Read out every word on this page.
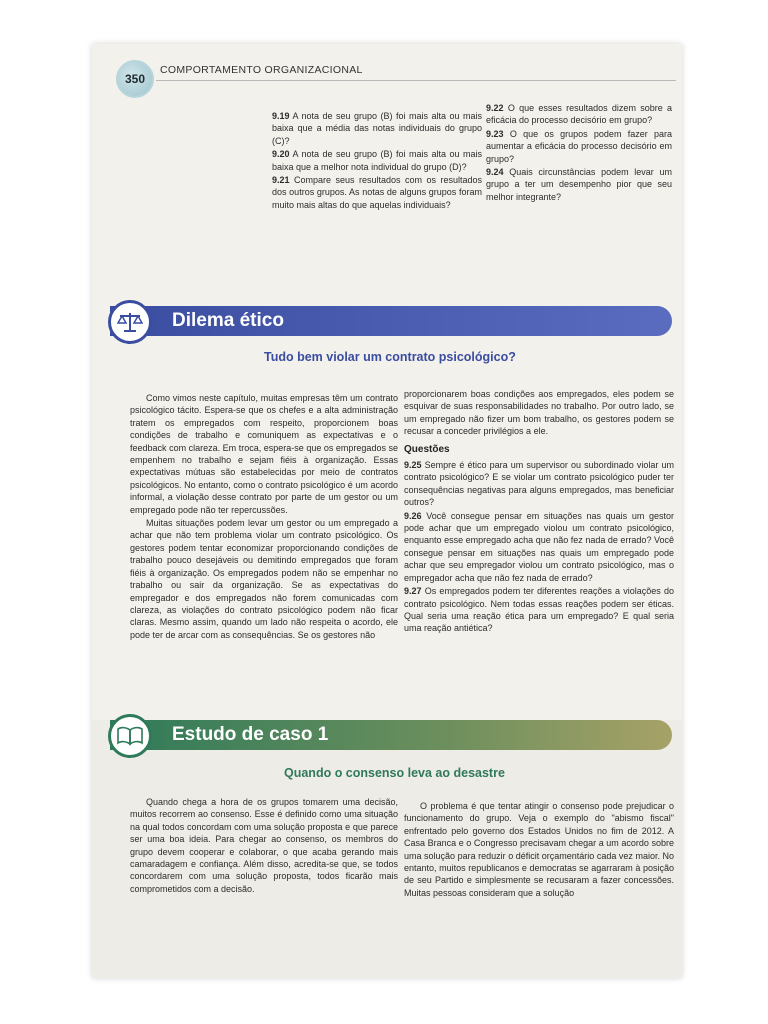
350
COMPORTAMENTO ORGANIZACIONAL

9.19 A nota de seu grupo (B) foi mais alta ou mais baixa que a média das notas individuais do grupo (C)?

9.20 A nota de seu grupo (B) foi mais alta ou mais baixa que a melhor nota individual do grupo (D)?

9.21 Compare seus resultados com os resultados dos outros grupos. As notas de alguns grupos foram muito mais altas do que aquelas individuais?

9.22 O que esses resultados dizem sobre a eficácia do processo decisório em grupo?

9.23 O que os grupos podem fazer para aumentar a eficácia do processo decisório em grupo?

9.24 Quais circunstâncias podem levar um grupo a ter um desempenho pior que seu melhor integrante?

Dilema ético
Tudo bem violar um contrato psicológico?

Como vimos neste capítulo, muitas empresas têm um contrato psicológico tácito. Espera-se que os chefes e a alta administração tratem os empregados com respeito, proporcionem boas condições de trabalho e comuniquem as expectativas e o feedback com clareza. Em troca, espera-se que os empregados se empenhem no trabalho e sejam fiéis à organização. Essas expectativas mútuas são estabelecidas por meio de contratos psicológicos. No entanto, como o contrato psicológico é um acordo informal, a violação desse contrato por parte de um gestor ou um empregado pode não ter repercussões.

Muitas situações podem levar um gestor ou um empregado a achar que não tem problema violar um contrato psicológico. Os gestores podem tentar economizar proporcionando condições de trabalho pouco desejáveis ou demitindo empregados que foram fiéis à organização. Os empregados podem não se empenhar no trabalho ou sair da organização. Se as expectativas do empregador e dos empregados não forem comunicadas com clareza, as violações do contrato psicológico podem não ficar claras. Mesmo assim, quando um lado não respeita o acordo, ele pode ter de arcar com as consequências. Se os gestores não

proporcionarem boas condições aos empregados, eles podem se esquivar de suas responsabilidades no trabalho. Por outro lado, se um empregado não fizer um bom trabalho, os gestores podem se recusar a conceder privilégios a ele.

Questões

9.25 Sempre é ético para um supervisor ou subordinado violar um contrato psicológico? E se violar um contrato psicológico puder ter consequências negativas para alguns empregados, mas beneficiar outros?

9.26 Você consegue pensar em situações nas quais um gestor pode achar que um empregado violou um contrato psicológico, enquanto esse empregado acha que não fez nada de errado? Você consegue pensar em situações nas quais um empregado pode achar que seu empregador violou um contrato psicológico, mas o empregador acha que não fez nada de errado?

9.27 Os empregados podem ter diferentes reações a violações do contrato psicológico. Nem todas essas reações podem ser éticas. Qual seria uma reação ética para um empregado? E qual seria uma reação antiética?

Estudo de caso 1
Quando o consenso leva ao desastre

Quando chega a hora de os grupos tomarem uma decisão, muitos recorrem ao consenso. Esse é definido como uma situação na qual todos concordam com uma solução proposta e que parece ser uma boa ideia. Para chegar ao consenso, os membros do grupo devem cooperar e colaborar, o que acaba gerando mais camaradagem e confiança. Além disso, acredita-se que, se todos concordarem com uma solução proposta, todos ficarão mais comprometidos com a decisão.

O problema é que tentar atingir o consenso pode prejudicar o funcionamento do grupo. Veja o exemplo do "abismo fiscal" enfrentado pelo governo dos Estados Unidos no fim de 2012. A Casa Branca e o Congresso precisavam chegar a um acordo sobre uma solução para reduzir o déficit orçamentário cada vez maior. No entanto, muitos republicanos e democratas se agarraram à posição de seu Partido e simplesmente se recusaram a fazer concessões. Muitas pessoas consideram que a solução
